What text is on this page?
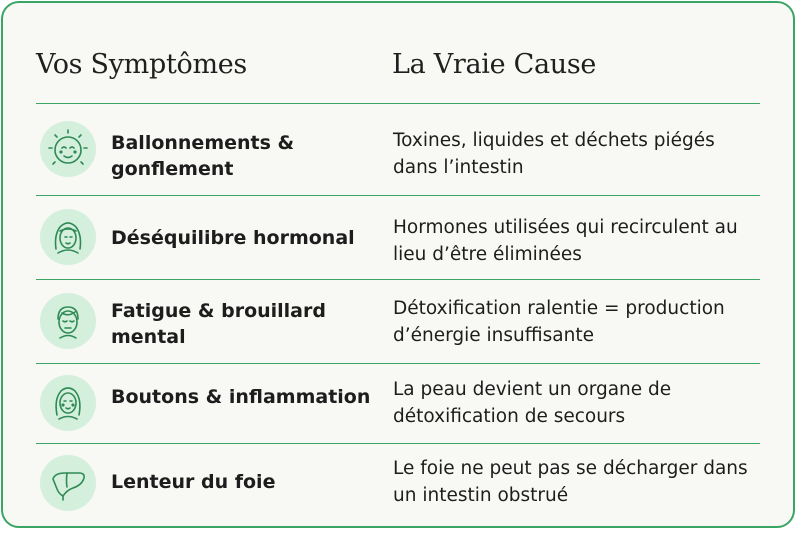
Vos Symptômes	La Vraie Cause
Ballonnements & gonflement
Toxines, liquides et déchets piégés dans l’intestin
Déséquilibre hormonal	Hormones utilisées qui recirculent au lieu d’être éliminées
Fatigue & brouillard mental
Détoxification ralentie = production d’énergie insuffisante
Boutons & inflammation La peau devient un organe de détoxification de secours
Lenteur du foie
Le foie ne peut pas se décharger dans un intestin obstrué
